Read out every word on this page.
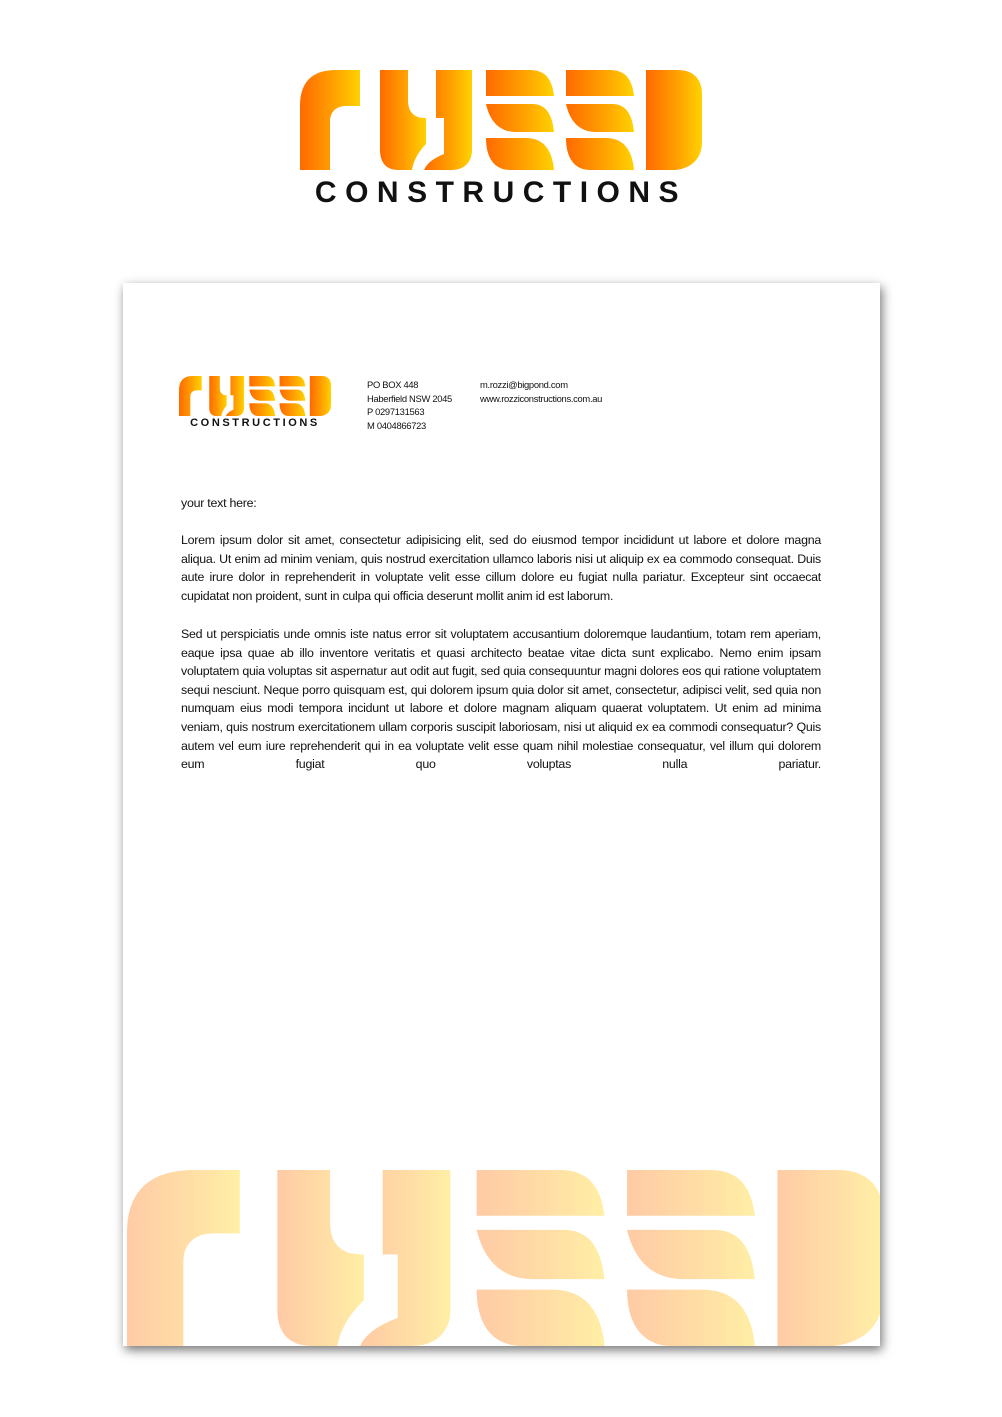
CONSTRUCTIONS
CONSTRUCTIONS
PO BOX 448
Haberfield NSW 2045
P 0297131563
M 0404866723
m.rozzi@bigpond.com
www.rozziconstructions.com.au

your text here:

Lorem ipsum dolor sit amet, consectetur adipisicing elit, sed do eiusmod tempor incididunt ut labore et dolore magna aliqua. Ut enim ad minim veniam, quis nostrud exercitation ullamco laboris nisi ut aliquip ex ea commodo consequat. Duis aute irure dolor in reprehenderit in voluptate velit esse cillum dolore eu fugiat nulla pariatur. Excepteur sint occaecat cupidatat non proident, sunt in culpa qui officia deserunt mollit anim id est laborum.

Sed ut perspiciatis unde omnis iste natus error sit voluptatem accusantium doloremque laudantium, totam rem aperiam, eaque ipsa quae ab illo inventore veritatis et quasi architecto beatae vitae dicta sunt explicabo. Nemo enim ipsam voluptatem quia voluptas sit aspernatur aut odit aut fugit, sed quia consequuntur magni dolores eos qui ratione voluptatem sequi nesciunt. Neque porro quisquam est, qui dolorem ipsum quia dolor sit amet, consectetur, adipisci velit, sed quia non numquam eius modi tempora incidunt ut labore et dolore magnam aliquam quaerat voluptatem. Ut enim ad minima veniam, quis nostrum exercitationem ullam corporis suscipit laboriosam, nisi ut aliquid ex ea commodi consequatur? Quis autem vel eum iure reprehenderit qui in ea voluptate velit esse quam nihil molestiae consequatur, vel illum qui dolorem eum fugiat quo voluptas nulla pariatur.
